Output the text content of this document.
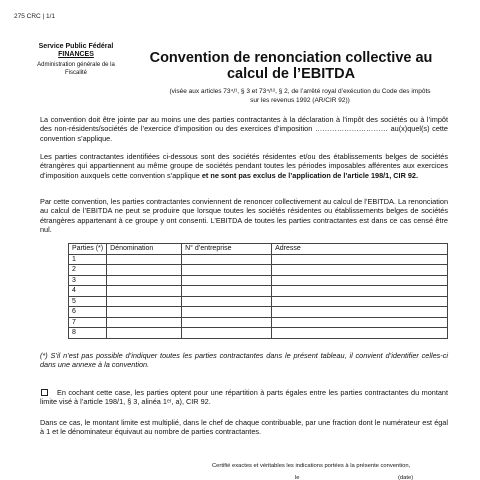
275 CRC | 1/1
Service Public Fédéral
FINANCES
Administration générale de la Fiscalité
Convention de renonciation collective au calcul de l’EBITDA
(visée aux articles 73⁴/¹, § 3 et 73⁴/¹², § 2, de l’arrêté royal d’exécution du Code des impôts
sur les revenus 1992 (AR/CIR 92))
La convention doit être jointe par au moins une des parties contractantes à la déclaration à l’impôt des sociétés ou à l’impôt des non-résidents/sociétés de l’exercice d’imposition ou des exercices d’imposition ………………………… au(x)quel(s) cette convention s’applique.
Les parties contractantes identifiées ci-dessous sont des sociétés résidentes et/ou des établissements belges de sociétés étrangères qui appartiennent au même groupe de sociétés pendant toutes les périodes imposables afférentes aux exercices d’imposition auxquels cette convention s’applique et ne sont pas exclus de l’application de l’article 198/1, CIR 92.
Par cette convention, les parties contractantes conviennent de renoncer collectivement au calcul de l’EBITDA. La renonciation au calcul de l’EBITDA ne peut se produire que lorsque toutes les sociétés résidentes ou établissements belges de sociétés étrangères appartenant à ce groupe y ont consenti. L’EBITDA de toutes les parties contractantes est dans ce cas censé être nul.
Parties (*)	Dénomination	N° d’entreprise	Adresse
1			
2			
3			
4			
5			
6			
7			
8			
(*) S’il n’est pas possible d’indiquer toutes les parties contractantes dans le présent tableau, il convient d’identifier celles-ci dans une annexe à la convention.
En cochant cette case, les parties optent pour une répartition à parts égales entre les parties contractantes du montant limite visé à l’article 198/1, § 3, alinéa 1ᵉʳ, a), CIR 92.
Dans ce cas, le montant limite est multiplié, dans le chef de chaque contribuable, par une fraction dont le numérateur est égal à 1 et le dénominateur équivaut au nombre de parties contractantes.
Certifié exactes et véritables les indications portées à la présente convention,
le	(date)
